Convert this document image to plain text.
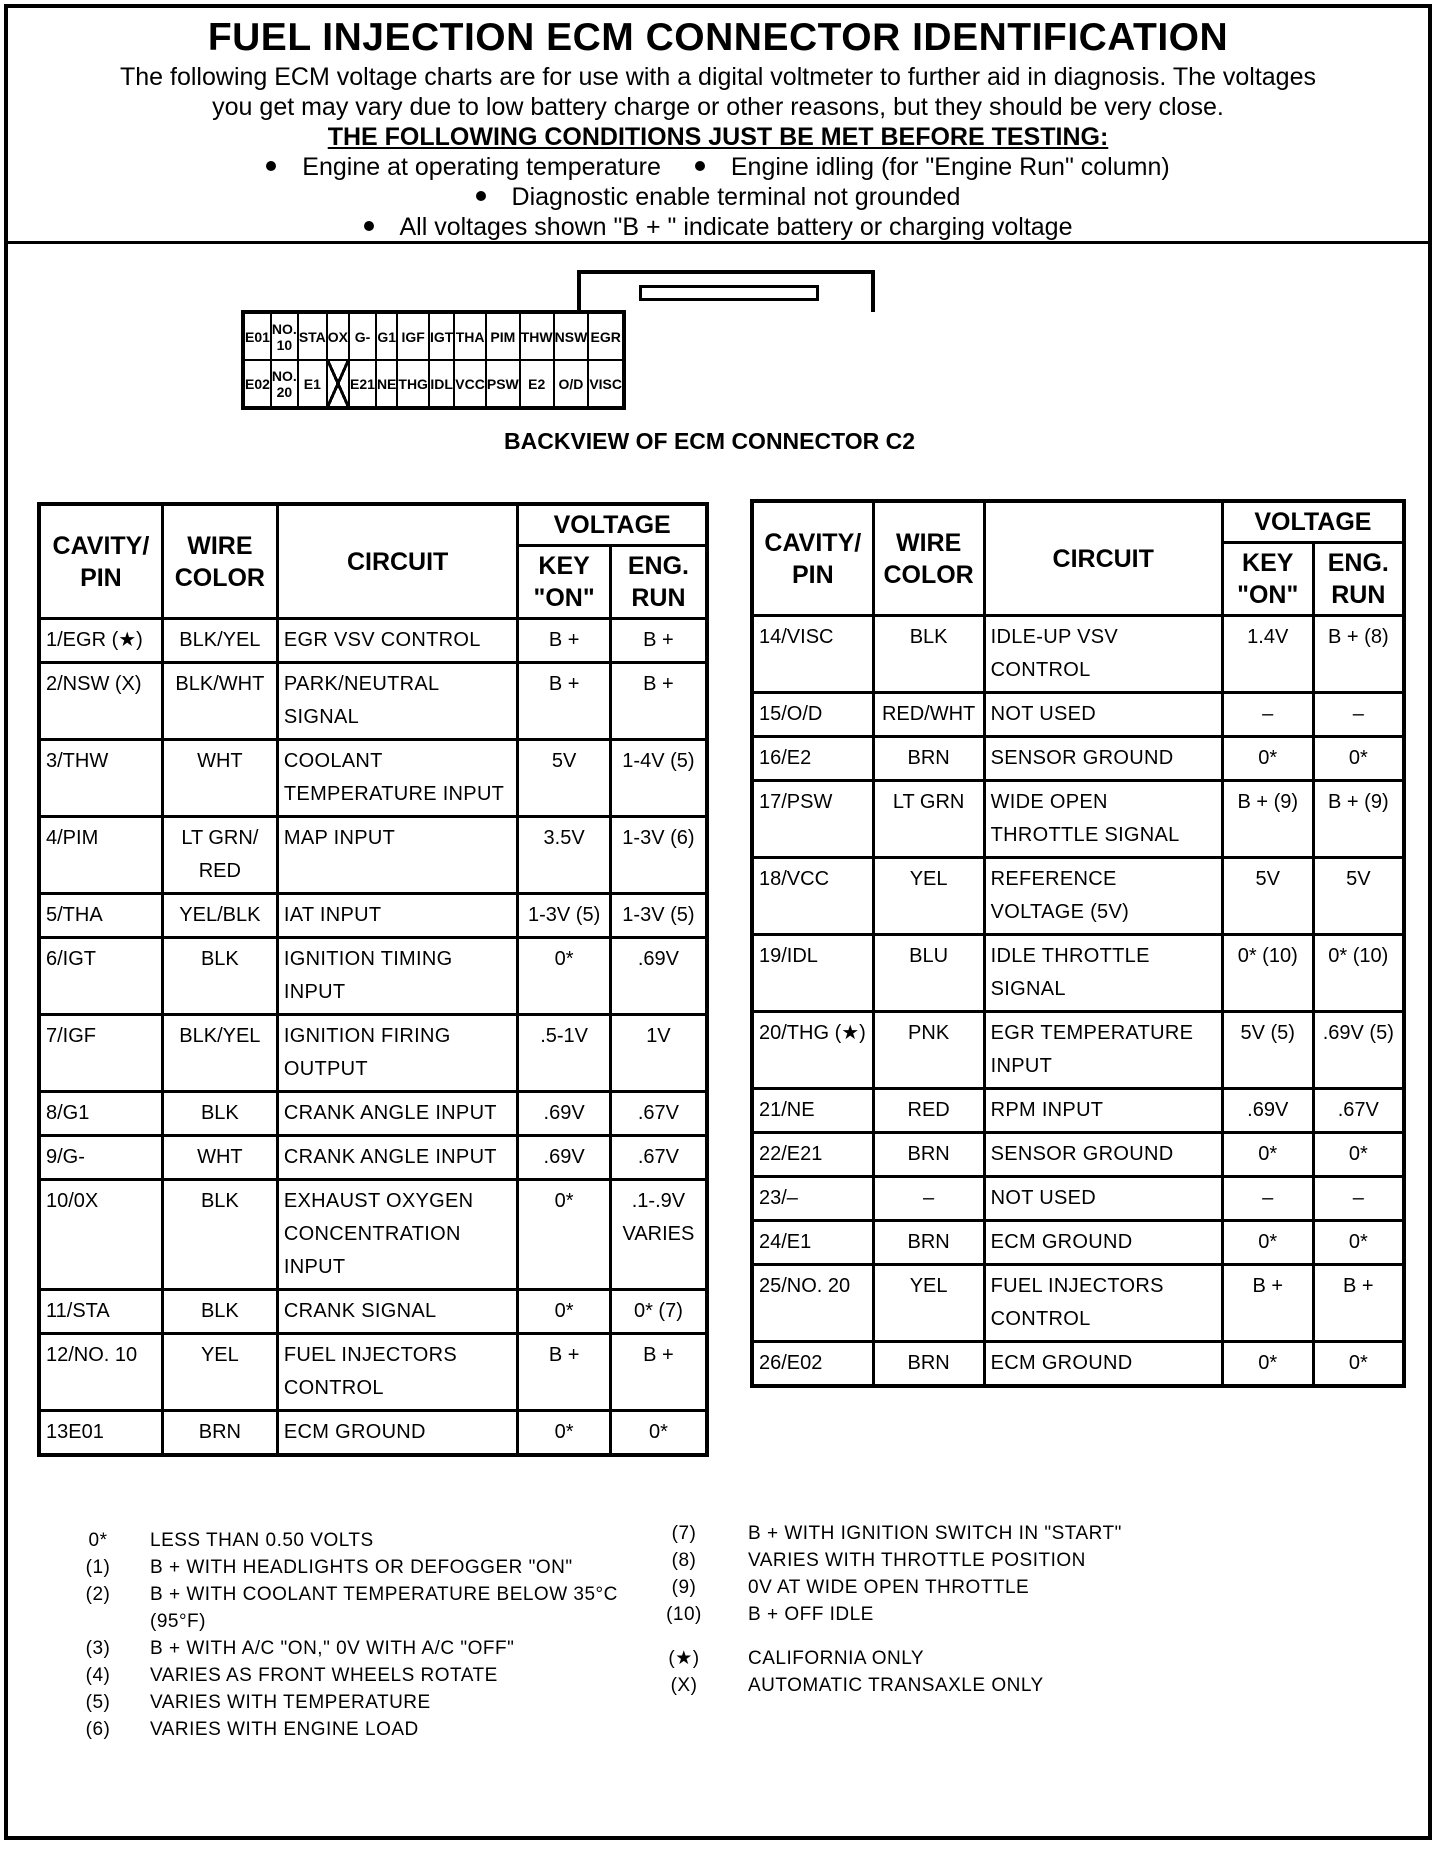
FUEL INJECTION ECM CONNECTOR IDENTIFICATION
The following ECM voltage charts are for use with a digital voltmeter to further aid in diagnosis. The voltages
you get may vary due to low battery charge or other reasons, but they should be very close.
THE FOLLOWING CONDITIONS JUST BE MET BEFORE TESTING:
Engine at operating temperature	Engine idling (for "Engine Run" column)
Diagnostic enable terminal not grounded
All voltages shown "B + " indicate battery or charging voltage
E01	NO. 10	STA	OX	G-	G1	IGF	IGT	THA	PIM	THW	NSW	EGR
E02	NO. 20	E1		E21	NE	THG	IDL	VCC	PSW	E2	O/D	VISC
BACKVIEW OF ECM CONNECTOR C2
CAVITY/ PIN	WIRE COLOR	CIRCUIT	VOLTAGE	
			KEY "ON"	ENG. RUN
1/EGR (★)	BLK/YEL	EGR VSV CONTROL	B +	B +
2/NSW (X)	BLK/WHT	PARK/NEUTRAL SIGNAL	B +	B +
3/THW	WHT	COOLANT TEMPERATURE INPUT	5V	1-4V (5)
4/PIM	LT GRN/ RED	MAP INPUT	3.5V	1-3V (6)
5/THA	YEL/BLK	IAT INPUT	1-3V (5)	1-3V (5)
6/IGT	BLK	IGNITION TIMING INPUT	0*	.69V
7/IGF	BLK/YEL	IGNITION FIRING OUTPUT	.5-1V	1V
8/G1	BLK	CRANK ANGLE INPUT	.69V	.67V
9/G-	WHT	CRANK ANGLE INPUT	.69V	.67V
10/0X	BLK	EXHAUST OXYGEN CONCENTRATION INPUT	0*	.1-.9V VARIES
11/STA	BLK	CRANK SIGNAL	0*	0* (7)
12/NO. 10	YEL	FUEL INJECTORS CONTROL	B +	B +
13E01	BRN	ECM GROUND	0*	0*
CAVITY/ PIN	WIRE COLOR	CIRCUIT	VOLTAGE	
			KEY "ON"	ENG. RUN
14/VISC	BLK	IDLE-UP VSV CONTROL	1.4V	B + (8)
15/O/D	RED/WHT	NOT USED	–	–
16/E2	BRN	SENSOR GROUND	0*	0*
17/PSW	LT GRN	WIDE OPEN THROTTLE SIGNAL	B + (9)	B + (9)
18/VCC	YEL	REFERENCE VOLTAGE (5V)	5V	5V
19/IDL	BLU	IDLE THROTTLE SIGNAL	0* (10)	0* (10)
20/THG (★)	PNK	EGR TEMPERATURE INPUT	5V (5)	.69V (5)
21/NE	RED	RPM INPUT	.69V	.67V
22/E21	BRN	SENSOR GROUND	0*	0*
23/–	–	NOT USED	–	–
24/E1	BRN	ECM GROUND	0*	0*
25/NO. 20	YEL	FUEL INJECTORS CONTROL	B +	B +
26/E02	BRN	ECM GROUND	0*	0*
0*	LESS THAN 0.50 VOLTS
(1)	B + WITH HEADLIGHTS OR DEFOGGER "ON"
(2)	B + WITH COOLANT TEMPERATURE BELOW 35°C (95°F)
(3)	B + WITH A/C "ON," 0V WITH A/C "OFF"
(4)	VARIES AS FRONT WHEELS ROTATE
(5)	VARIES WITH TEMPERATURE
(6)	VARIES WITH ENGINE LOAD
(7)	B + WITH IGNITION SWITCH IN "START"
(8)	VARIES WITH THROTTLE POSITION
(9)	0V AT WIDE OPEN THROTTLE
(10)	B + OFF IDLE
(★)	CALIFORNIA ONLY
(X)	AUTOMATIC TRANSAXLE ONLY
